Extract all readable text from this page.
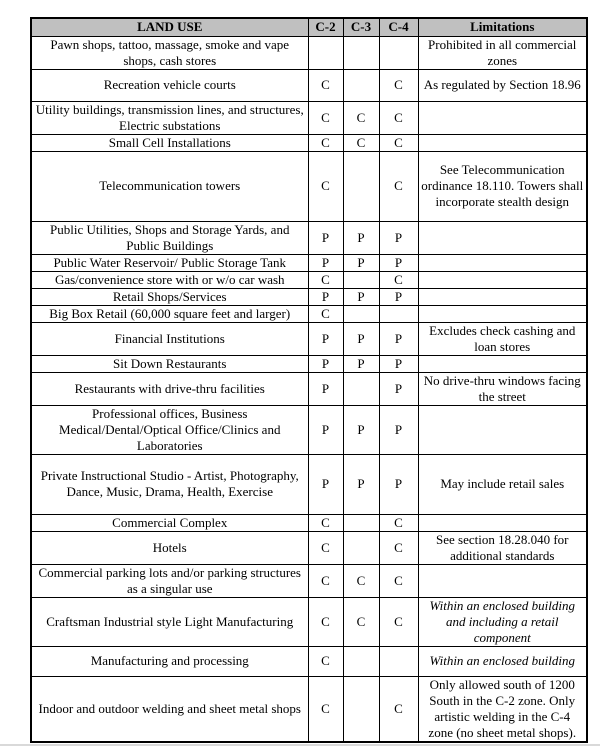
LAND USE	C-2	C-3	C-4	Limitations
Pawn shops, tattoo, massage, smoke and vape shops, cash stores				Prohibited in all commercial zones
Recreation vehicle courts	C		C	As regulated by Section 18.96
Utility buildings, transmission lines, and structures, Electric substations	C	C	C	
Small Cell Installations	C	C	C	
Telecommunication towers	C		C	See Telecommunication ordinance 18.110. Towers shall incorporate stealth design
Public Utilities, Shops and Storage Yards, and Public Buildings	P	P	P	
Public Water Reservoir/ Public Storage Tank	P	P	P	
Gas/convenience store with or w/o car wash	C		C	
Retail Shops/Services	P	P	P	
Big Box Retail (60,000 square feet and larger)	C			
Financial Institutions	P	P	P	Excludes check cashing and loan stores
Sit Down Restaurants	P	P	P	
Restaurants with drive-thru facilities	P		P	No drive-thru windows facing the street
Professional offices, Business Medical/Dental/Optical Office/Clinics and Laboratories	P	P	P	
Private Instructional Studio - Artist, Photography, Dance, Music, Drama, Health, Exercise	P	P	P	May include retail sales
Commercial Complex	C		C	
Hotels	C		C	See section 18.28.040 for additional standards
Commercial parking lots and/or parking structures as a singular use	C	C	C	
Craftsman Industrial style Light Manufacturing	C	C	C	Within an enclosed building and including a retail component
Manufacturing and processing	C			Within an enclosed building
Indoor and outdoor welding and sheet metal shops	C		C	Only allowed south of 1200 South in the C-2 zone. Only artistic welding in the C-4 zone (no sheet metal shops).
